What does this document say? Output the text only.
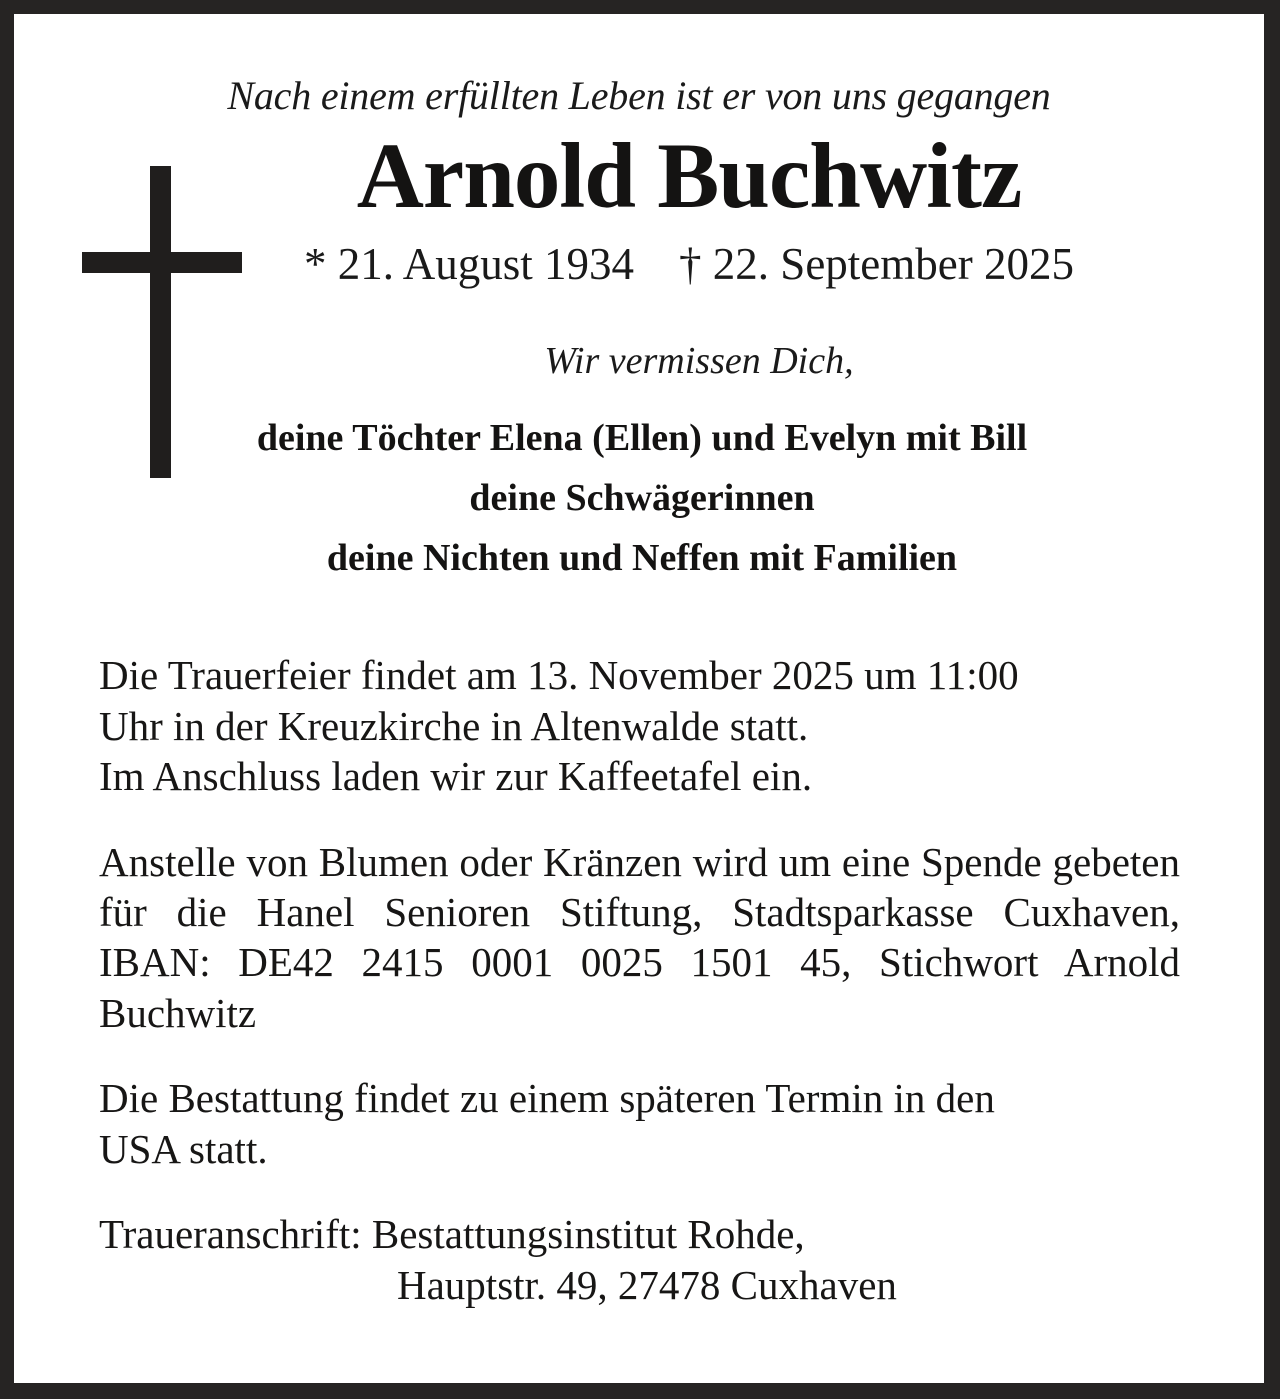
Nach einem erfüllten Leben ist er von uns gegangen
Arnold Buchwitz
* 21. August 1934    † 22. September 2025
Wir vermissen Dich,
deine Töchter Elena (Ellen) und Evelyn mit Bill
deine Schwägerinnen
deine Nichten und Neffen mit Familien
Die Trauerfeier findet am 13. November 2025 um 11:00
Uhr in der Kreuzkirche in Altenwalde statt.
Im Anschluss laden wir zur Kaffeetafel ein.
Anstelle von Blumen oder Kränzen wird um eine Spende gebeten für die Hanel Senioren Stiftung, Stadtsparkasse Cuxhaven, IBAN: DE42 2415 0001 0025 1501 45, Stichwort Arnold Buchwitz
Die Bestattung findet zu einem späteren Termin in den
USA statt.
Traueranschrift: Bestattungsinstitut Rohde,
Hauptstr. 49, 27478 Cuxhaven
